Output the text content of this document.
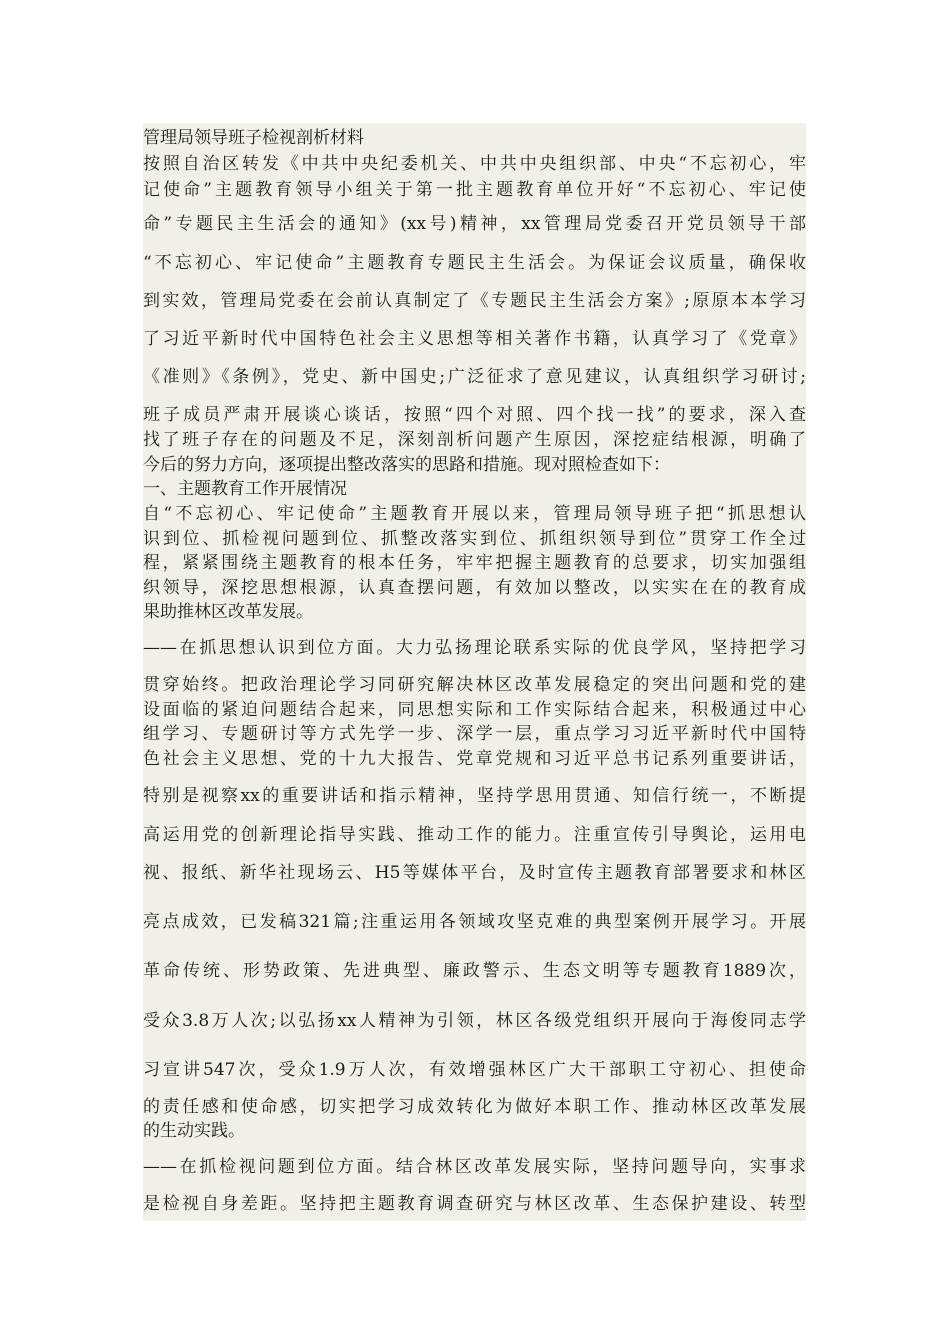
管理局领导班子检视剖析材料
按照自治区转发《中共中央纪委机关、中共中央组织部、中央“不忘初心，牢
记使命”主题教育领导小组关于第一批主题教育单位开好“不忘初心、牢记使
命”专题民主生活会的通知》(xx号)精神，xx管理局党委召开党员领导干部
“不忘初心、牢记使命”主题教育专题民主生活会。为保证会议质量，确保收
到实效，管理局党委在会前认真制定了《专题民主生活会方案》;原原本本学习
了习近平新时代中国特色社会主义思想等相关著作书籍，认真学习了《党章》
《准则》《条例》，党史、新中国史;广泛征求了意见建议，认真组织学习研讨;
班子成员严肃开展谈心谈话，按照“四个对照、四个找一找”的要求，深入查
找了班子存在的问题及不足，深刻剖析问题产生原因，深挖症结根源，明确了
今后的努力方向，逐项提出整改落实的思路和措施。现对照检查如下：
一、主题教育工作开展情况
自“不忘初心、牢记使命”主题教育开展以来，管理局领导班子把“抓思想认
识到位、抓检视问题到位、抓整改落实到位、抓组织领导到位”贯穿工作全过
程，紧紧围绕主题教育的根本任务，牢牢把握主题教育的总要求，切实加强组
织领导，深挖思想根源，认真查摆问题，有效加以整改，以实实在在的教育成
果助推林区改革发展。
——在抓思想认识到位方面。大力弘扬理论联系实际的优良学风，坚持把学习
贯穿始终。把政治理论学习同研究解决林区改革发展稳定的突出问题和党的建
设面临的紧迫问题结合起来，同思想实际和工作实际结合起来，积极通过中心
组学习、专题研讨等方式先学一步、深学一层，重点学习习近平新时代中国特
色社会主义思想、党的十九大报告、党章党规和习近平总书记系列重要讲话，
特别是视察xx的重要讲话和指示精神，坚持学思用贯通、知信行统一，不断提
高运用党的创新理论指导实践、推动工作的能力。注重宣传引导舆论，运用电
视、报纸、新华社现场云、H5等媒体平台，及时宣传主题教育部署要求和林区
亮点成效，已发稿321篇;注重运用各领域攻坚克难的典型案例开展学习。开展
革命传统、形势政策、先进典型、廉政警示、生态文明等专题教育1889次，
受众3.8万人次;以弘扬xx人精神为引领，林区各级党组织开展向于海俊同志学
习宣讲547次，受众1.9万人次，有效增强林区广大干部职工守初心、担使命
的责任感和使命感，切实把学习成效转化为做好本职工作、推动林区改革发展
的生动实践。
——在抓检视问题到位方面。结合林区改革发展实际，坚持问题导向，实事求
是检视自身差距。坚持把主题教育调查研究与林区改革、生态保护建设、转型
